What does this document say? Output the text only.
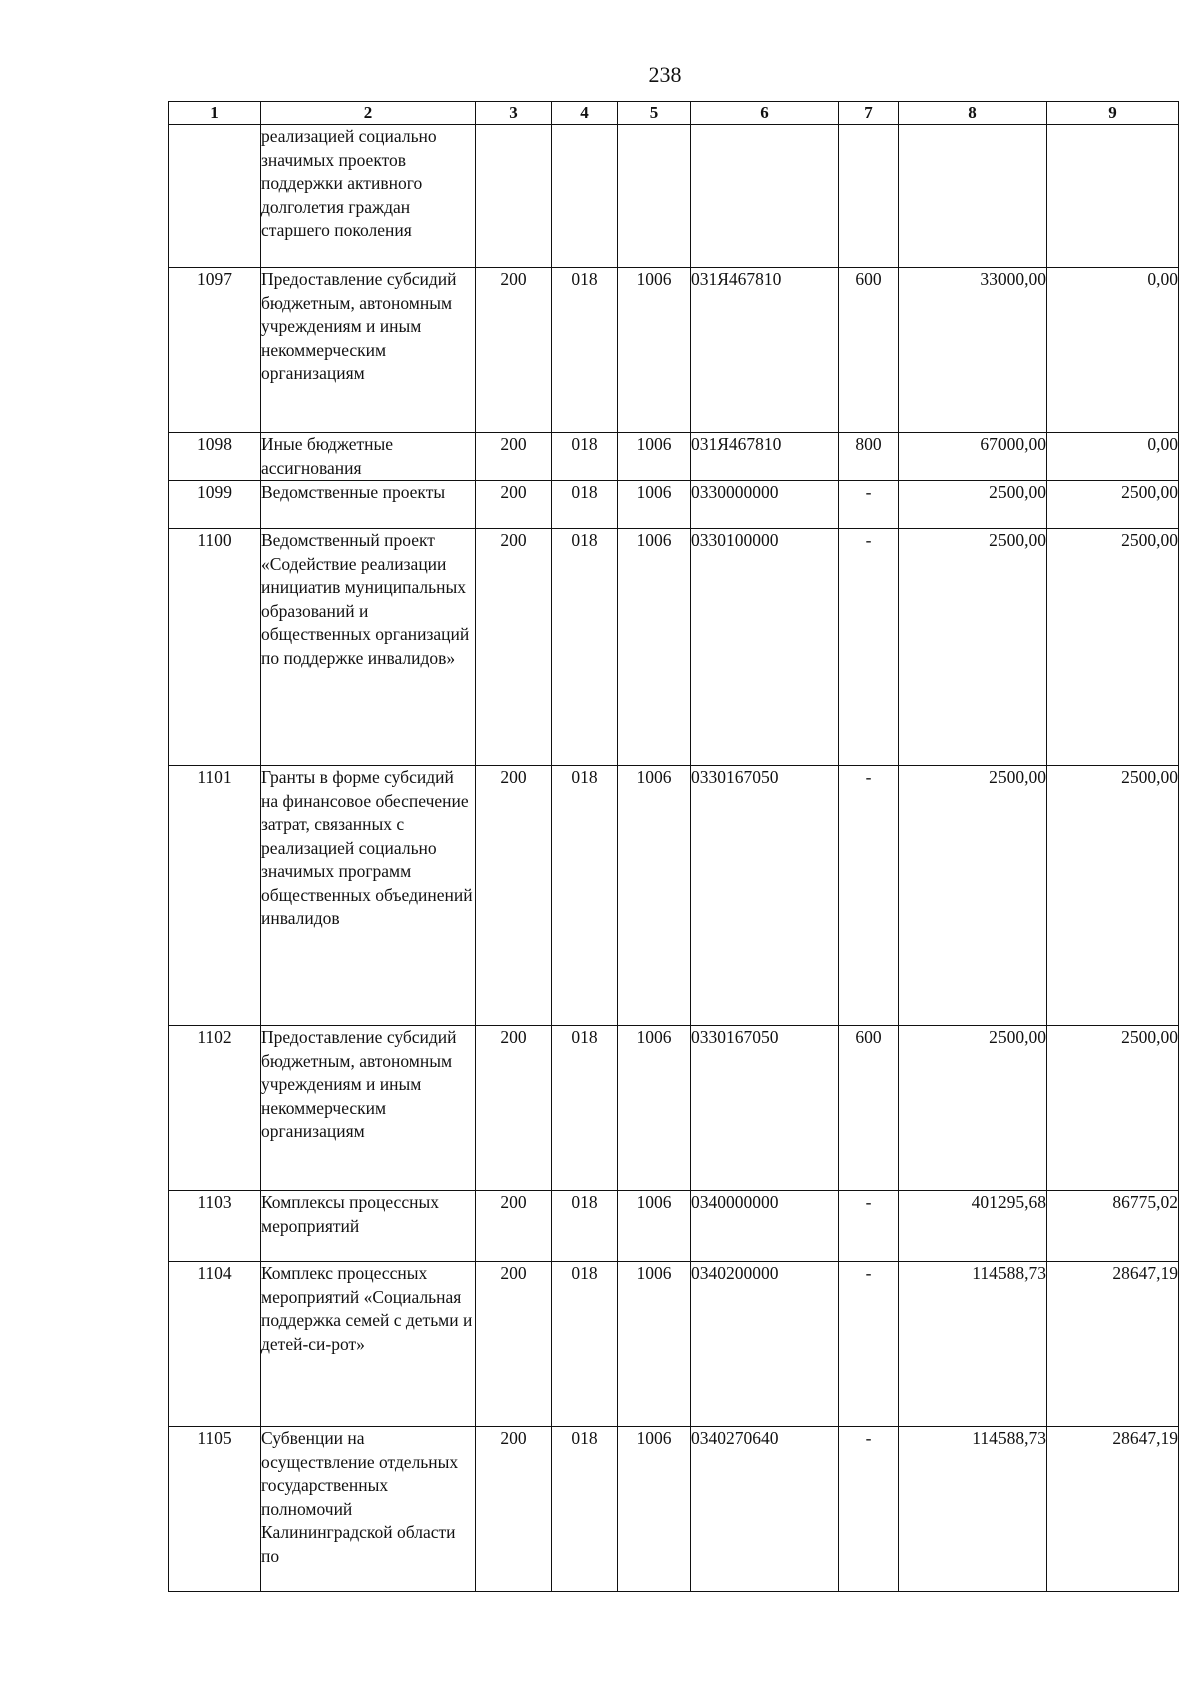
238
1	2	3	4	5	6	7	8	9
	реализацией социально значимых проектов поддержки активного долголетия граждан старшего поколения							
1097	Предоставление субсидий бюджетным, автономным учреждениям и иным некоммерческим организациям	200	018	1006	031Я467810	600	33000,00	0,00
1098	Иные бюджетные ассигнования	200	018	1006	031Я467810	800	67000,00	0,00
1099	Ведомственные проекты	200	018	1006	0330000000	-	2500,00	2500,00
1100	Ведомственный проект «Содействие реализации инициатив муниципальных образований и общественных организаций по поддержке инвалидов»	200	018	1006	0330100000	-	2500,00	2500,00
1101	Гранты в форме субсидий на финансовое обеспечение затрат, связанных с реализацией социально значимых программ общественных объединений инвалидов	200	018	1006	0330167050	-	2500,00	2500,00
1102	Предоставление субсидий бюджетным, автономным учреждениям и иным некоммерческим организациям	200	018	1006	0330167050	600	2500,00	2500,00
1103	Комплексы процессных мероприятий	200	018	1006	0340000000	-	401295,68	86775,02
1104	Комплекс процессных мероприятий «Социальная поддержка семей с детьми и детей-си-рот»	200	018	1006	0340200000	-	114588,73	28647,19
1105	Субвенции на осуществление отдельных государственных полномочий Калининградской области по	200	018	1006	0340270640	-	114588,73	28647,19
